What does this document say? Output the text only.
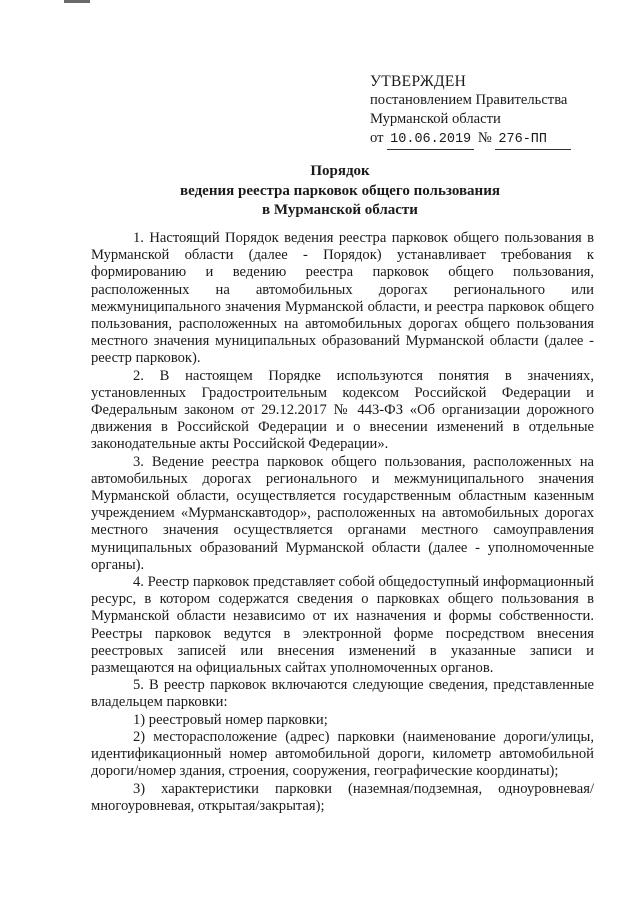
УТВЕРЖДЕН
постановлением Правительства
Мурманской области
от 10.06.2019 № 276-ПП
Порядок
ведения реестра парковок общего пользования
в Мурманской области

1. Настоящий Порядок ведения реестра парковок общего пользования в Мурманской области (далее - Порядок) устанавливает требования к формированию и ведению реестра парковок общего пользования, расположенных на автомобильных дорогах регионального или межмуниципального значения Мурманской области, и реестра парковок общего пользования, расположенных на автомобильных дорогах общего пользования местного значения муниципальных образований Мурманской области (далее - реестр парковок).

2. В настоящем Порядке используются понятия в значениях, установленных Градостроительным кодексом Российской Федерации и Федеральным законом от 29.12.2017 № 443-ФЗ «Об организации дорожного движения в Российской Федерации и о внесении изменений в отдельные законодательные акты Российской Федерации».

3. Ведение реестра парковок общего пользования, расположенных на автомобильных дорогах регионального и межмуниципального значения Мурманской области, осуществляется государственным областным казенным учреждением «Мурманскавтодор», расположенных на автомобильных дорогах местного значения осуществляется органами местного самоуправления муниципальных образований Мурманской области (далее - уполномоченные органы).

4. Реестр парковок представляет собой общедоступный информационный ресурс, в котором содержатся сведения о парковках общего пользования в Мурманской области независимо от их назначения и формы собственности. Реестры парковок ведутся в электронной форме посредством внесения реестровых записей или внесения изменений в указанные записи и размещаются на официальных сайтах уполномоченных органов.

5. В реестр парковок включаются следующие сведения, представленные владельцем парковки:

1) реестровый номер парковки;

2) месторасположение (адрес) парковки (наименование дороги/улицы, идентификационный номер автомобильной дороги, километр автомобильной дороги/номер здания, строения, сооружения, географические координаты);

3) характеристики парковки (наземная/подземная, одноуровневая/многоуровневая, открытая/закрытая);
